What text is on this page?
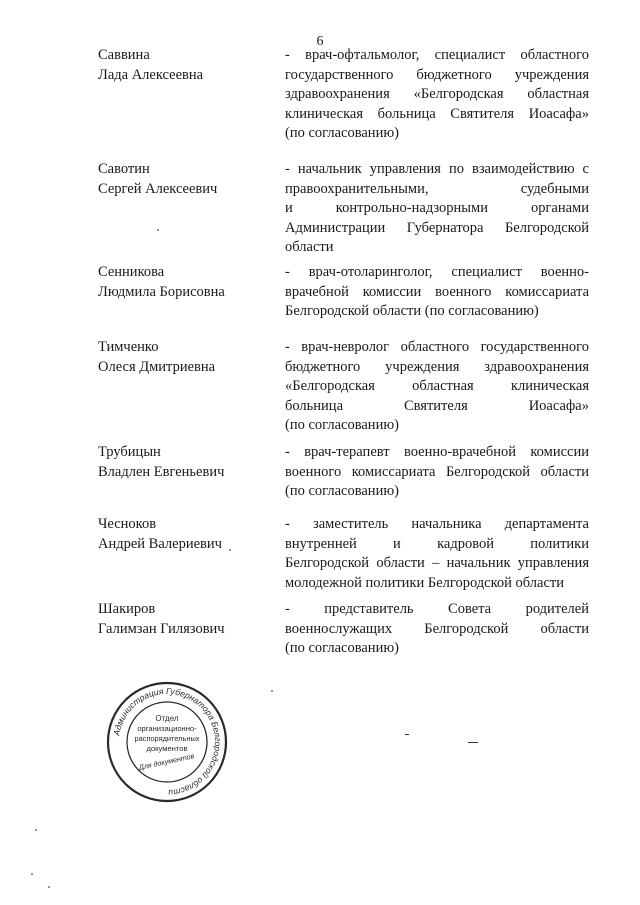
6
Саввина
Лада Алексеевна
- врач-офтальмолог, специалист областного
государственного бюджетного учреждения
здравоохранения «Белгородская областная
клиническая больница Святителя Иоасафа»
(по согласованию)
Савотин
Сергей Алексеевич
- начальник управления по взаимодействию с
правоохранительными, судебными
и контрольно-надзорными органами
Администрации Губернатора Белгородской
области
Сенникова
Людмила Борисовна
- врач-отоларинголог, специалист военно-
врачебной комиссии военного комиссариата
Белгородской области (по согласованию)
Тимченко
Олеся Дмитриевна
- врач-невролог областного государственного
бюджетного учреждения здравоохранения
«Белгородская областная клиническая
больница Святителя Иоасафа»
(по согласованию)
Трубицын
Владлен Евгеньевич
- врач-терапевт военно-врачебной комиссии
военного комиссариата Белгородской области
(по согласованию)
Чесноков
Андрей Валериевич
- заместитель начальника департамента
внутренней и кадровой политики
Белгородской области – начальник управления
молодежной политики Белгородской области
Шакиров
Галимзан Гилязович
- представитель Совета родителей
военнослужащих Белгородской области
(по согласованию)
Администрация Губернатора Белгородской области
Отдел
организационно-
распорядительных
документов
Для документов
